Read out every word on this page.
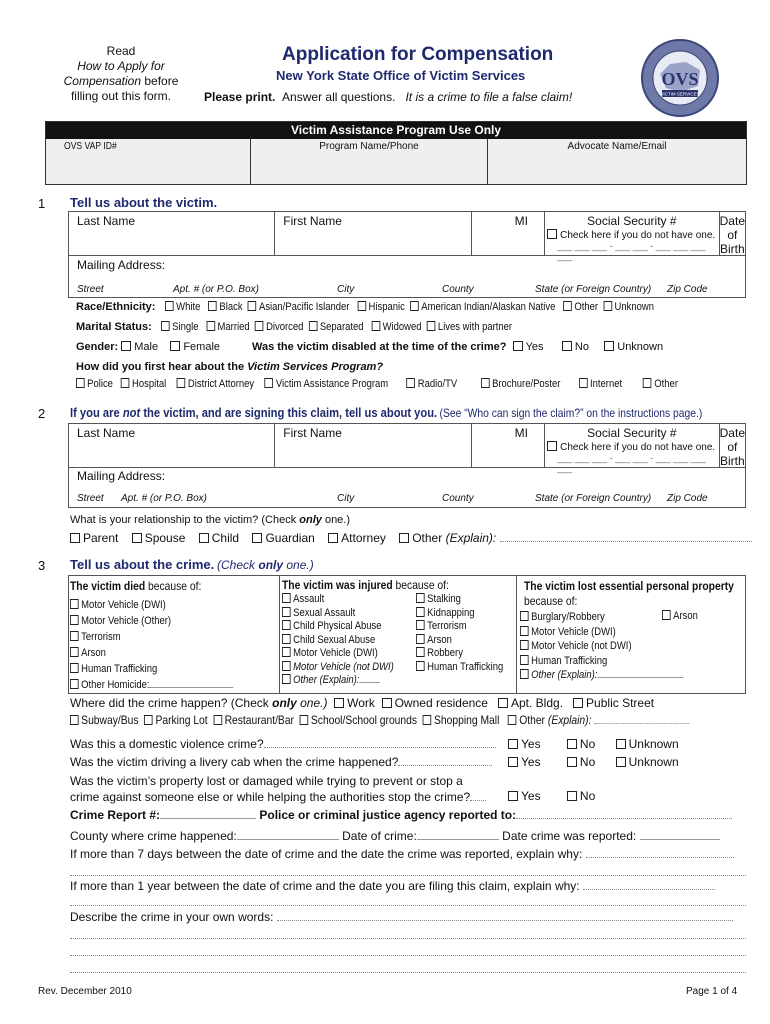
Read
How to Apply for
Compensation before
filling out this form.
Application for Compensation
New York State Office of Victim Services
Please print. Answer all questions. It is a crime to file a false claim!
OVS
VICTIM SERVICES
Victim Assistance Program Use Only
OVS VAP ID#	Program Name/Phone	Advocate Name/Email
1 Tell us about the victim.
Last Name	First Name	MI	Social Security #
Check here if you do not have one.
___ ___ ___ - ___ ___ - ___ ___ ___ ___
Date of Birth
Mailing Address:
Street	Apt. # (or P.O. Box)	City	County	State (or Foreign Country) Zip Code
Race/Ethnicity: White Black Asian/Pacific Islander Hispanic American Indian/Alaskan Native Other Unknown
Marital Status: Single Married Divorced Separated Widowed Lives with partner
Gender: Male Female	Was the victim disabled at the time of the crime? Yes	No	Unknown
How did you first hear about the Victim Services Program?
Police Hospital District Attorney Victim Assistance Program	Radio/TV	Brochure/Poster	Internet	Other
2 If you are not the victim, and are signing this claim, tell us about you. (See “Who can sign the claim?” on the instructions page.)
Last Name	First Name	MI	Social Security #
Check here if you do not have one.
___ ___ ___ - ___ ___ - ___ ___ ___ ___
Date of Birth
Mailing Address:
Street Apt. # (or P.O. Box)	City	County	State (or Foreign Country) Zip Code
What is your relationship to the victim? (Check only one.)
Parent Spouse Child Guardian Attorney Other (Explain):
3 Tell us about the crime. (Check only one.)
The victim died because of:
Motor Vehicle (DWI)
Motor Vehicle (Other)
Terrorism
Arson
Human Trafficking
Other Homicide:
The victim was injured because of:
Assault
Sexual Assault
Child Physical Abuse
Child Sexual Abuse
Motor Vehicle (DWI)
Motor Vehicle (not DWI)
Other (Explain):
Stalking
Kidnapping
Terrorism
Arson
Robbery
Human Trafficking
The victim lost essential personal property
because of:
Burglary/Robbery
Motor Vehicle (DWI)
Motor Vehicle (not DWI)
Human Trafficking
Other (Explain):
Arson
Where did the crime happen? (Check only one.) Work Owned residence Apt. Bldg. Public Street
Subway/Bus Parking Lot Restaurant/Bar School/School grounds Shopping Mall Other (Explain):
Was this a domestic violence crime?	Yes	No	Unknown
Was the victim driving a livery cab when the crime happened?	Yes	No	Unknown
Was the victim’s property lost or damaged while trying to prevent or stop a
crime against someone else or while helping the authorities stop the crime?	Yes	No
Crime Report #:	Police or criminal justice agency reported to:
County where crime happened:	Date of crime:	Date crime was reported:
If more than 7 days between the date of crime and the date the crime was reported, explain why:
If more than 1 year between the date of crime and the date you are filing this claim, explain why:
Describe the crime in your own words:
Rev. December 2010	Page 1 of 4
